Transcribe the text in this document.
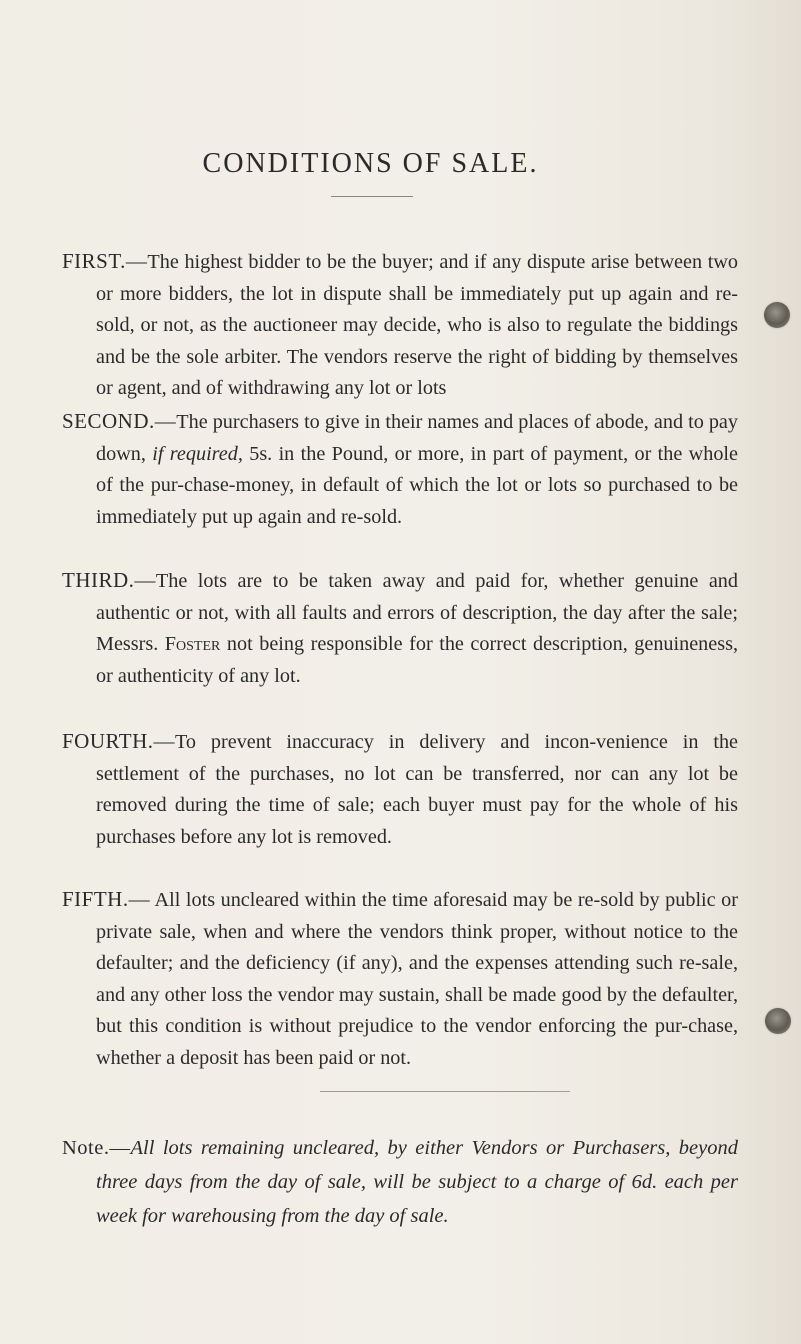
CONDITIONS OF SALE.

FIRST.—The highest bidder to be the buyer; and if any dispute arise between two or more bidders, the lot in dispute shall be immediately put up again and re-sold, or not, as the auctioneer may decide, who is also to regulate the biddings and be the sole arbiter. The vendors reserve the right of bidding by themselves or agent, and of withdrawing any lot or lots

SECOND.—The purchasers to give in their names and places of abode, and to pay down, if required, 5s. in the Pound, or more, in part of payment, or the whole of the pur-chase-money, in default of which the lot or lots so purchased to be immediately put up again and re-sold.

THIRD.—The lots are to be taken away and paid for, whether genuine and authentic or not, with all faults and errors of description, the day after the sale; Messrs. Foster not being responsible for the correct description, genuineness, or authenticity of any lot.

FOURTH.—To prevent inaccuracy in delivery and incon-venience in the settlement of the purchases, no lot can be transferred, nor can any lot be removed during the time of sale; each buyer must pay for the whole of his purchases before any lot is removed.

FIFTH.— All lots uncleared within the time aforesaid may be re-sold by public or private sale, when and where the vendors think proper, without notice to the defaulter; and the deficiency (if any), and the expenses attending such re-sale, and any other loss the vendor may sustain, shall be made good by the defaulter, but this condition is without prejudice to the vendor enforcing the pur-chase, whether a deposit has been paid or not.

Note.—All lots remaining uncleared, by either Vendors or Purchasers, beyond three days from the day of sale, will be subject to a charge of 6d. each per week for warehousing from the day of sale.
